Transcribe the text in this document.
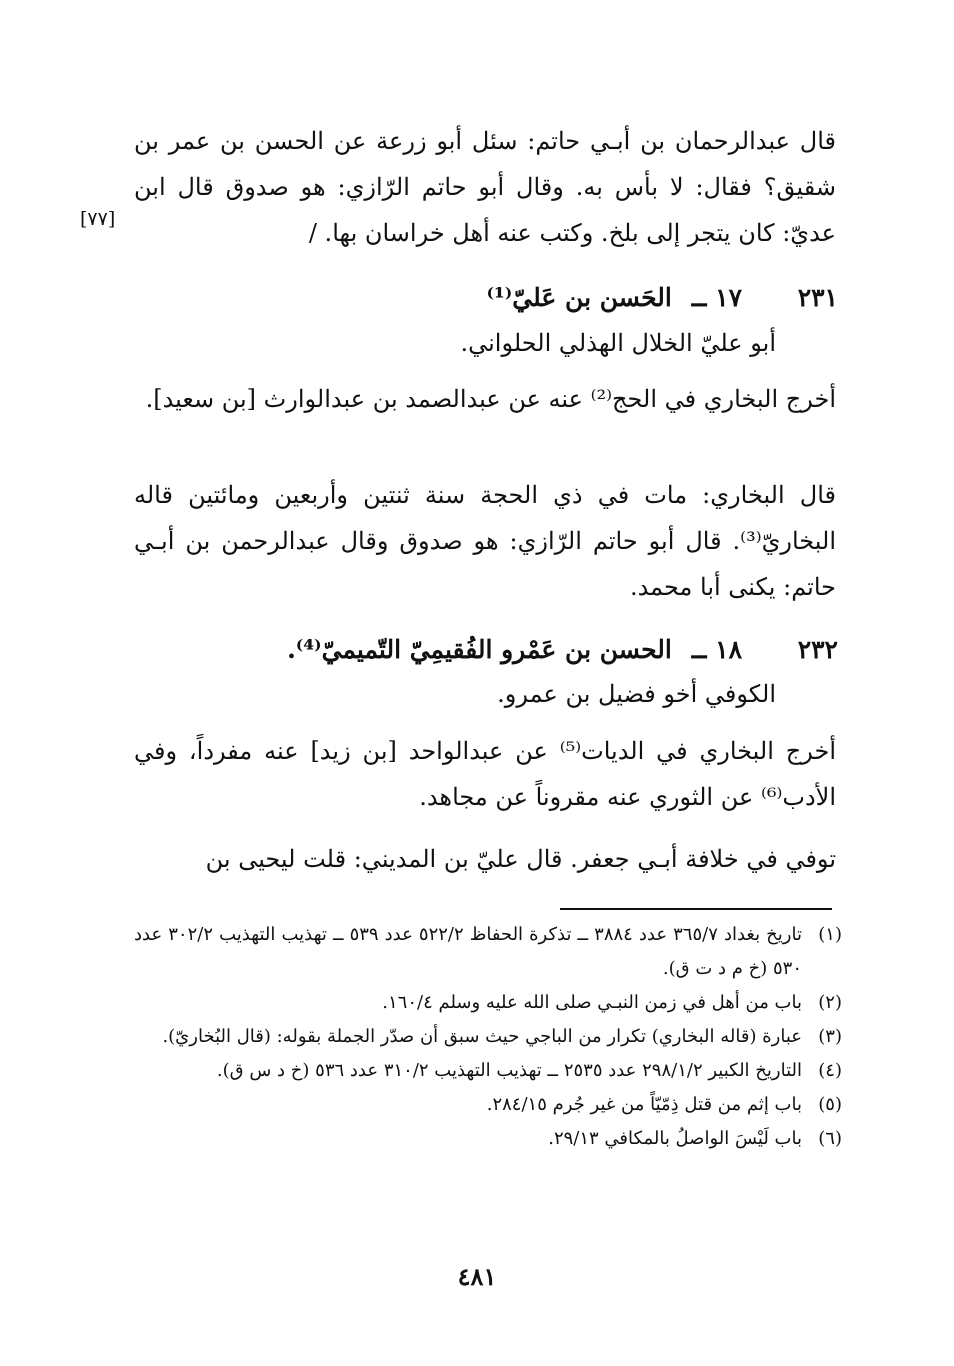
قال عبدالرحمان بن أبـي حاتم: سئل أبو زرعة عن الحسن بن عمر بن شقيق؟ فقال: لا بأس به. وقال أبو حاتم الرّازي: هو صدوق قال ابن عديّ: كان يتجر إلى بلخ. وكتب عنه أهل خراسان بها. /

[٧٧]
٢٣١١٧ ــالحَسن بن عَليّ⁽¹⁾
أبو عليّ الخلال الهذلي الحلواني.

أخرج البخاري في الحج⁽²⁾ عنه عن عبدالصمد بن عبدالوارث [بن سعيد].

قال البخاري: مات في ذي الحجة سنة ثنتين وأربعين ومائتين قاله البخاريّ⁽³⁾. قال أبو حاتم الرّازي: هو صدوق وقال عبدالرحمن بن أبـي حاتم: يكنى أبا محمد.

٢٣٢١٨ ــالحسن بن عَمْرو الفُقيمِيّ التّميميّ⁽⁴⁾.
الكوفي أخو فضيل بن عمرو.

أخرج البخاري في الديات⁽⁵⁾ عن عبدالواحد [بن زيد] عنه مفرداً، وفي الأدب⁽⁶⁾ عن الثوري عنه مقروناً عن مجاهد.

توفي في خلافة أبـي جعفر. قال عليّ بن المديني: قلت ليحيى بن

(١)
تاريخ بغداد ٣٦٥/٧ عدد ٣٨٨٤ ــ تذكرة الحفاظ ٥٢٢/٢ عدد ٥٣٩ ــ تهذيب التهذيب ٣٠٢/٢ عدد ٥٣٠ (خ م د ت ق).
(٢)
باب من أهل في زمن النبـي صلى الله عليه وسلم ١٦٠/٤.
(٣)
عبارة (قاله البخاري) تكرار من الباجي حيث سبق أن صدّر الجملة بقوله: (قال البُخاريّ).
(٤)
التاريخ الكبير ٢٩٨/١/٢ عدد ٢٥٣٥ ــ تهذيب التهذيب ٣١٠/٢ عدد ٥٣٦ (خ د س ق).
(٥)
باب إثم من قتل ذِمّيّاً من غير جُرم ٢٨٤/١٥.
(٦)
باب لَيْسَ الواصلُ بالمكافي ٢٩/١٣.
٤٨١
